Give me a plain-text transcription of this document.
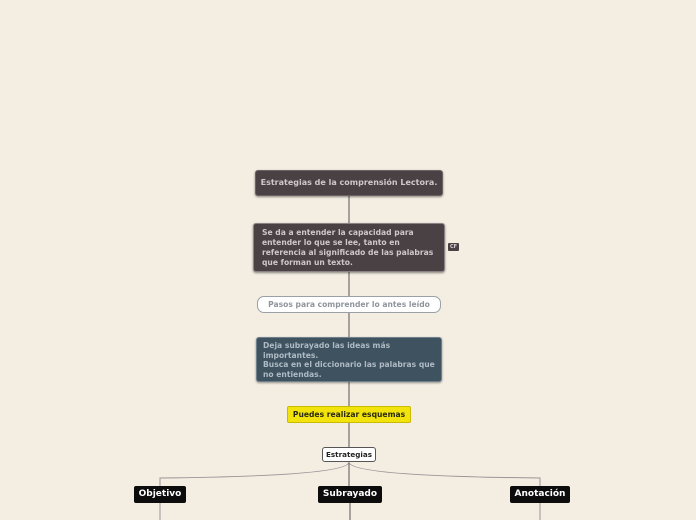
Estrategias de la comprensión Lectora.
Se da a entender la capacidad para entender lo que se lee, tanto en referencia al significado de las palabras que forman un texto.
CF
Pasos para comprender lo antes leído
Deja subrayado las ideas más importantes.
Busca en el diccionario las palabras que no entiendas.
Puedes realizar esquemas
Estrategias
Objetivo	Subrayado	Anotación
